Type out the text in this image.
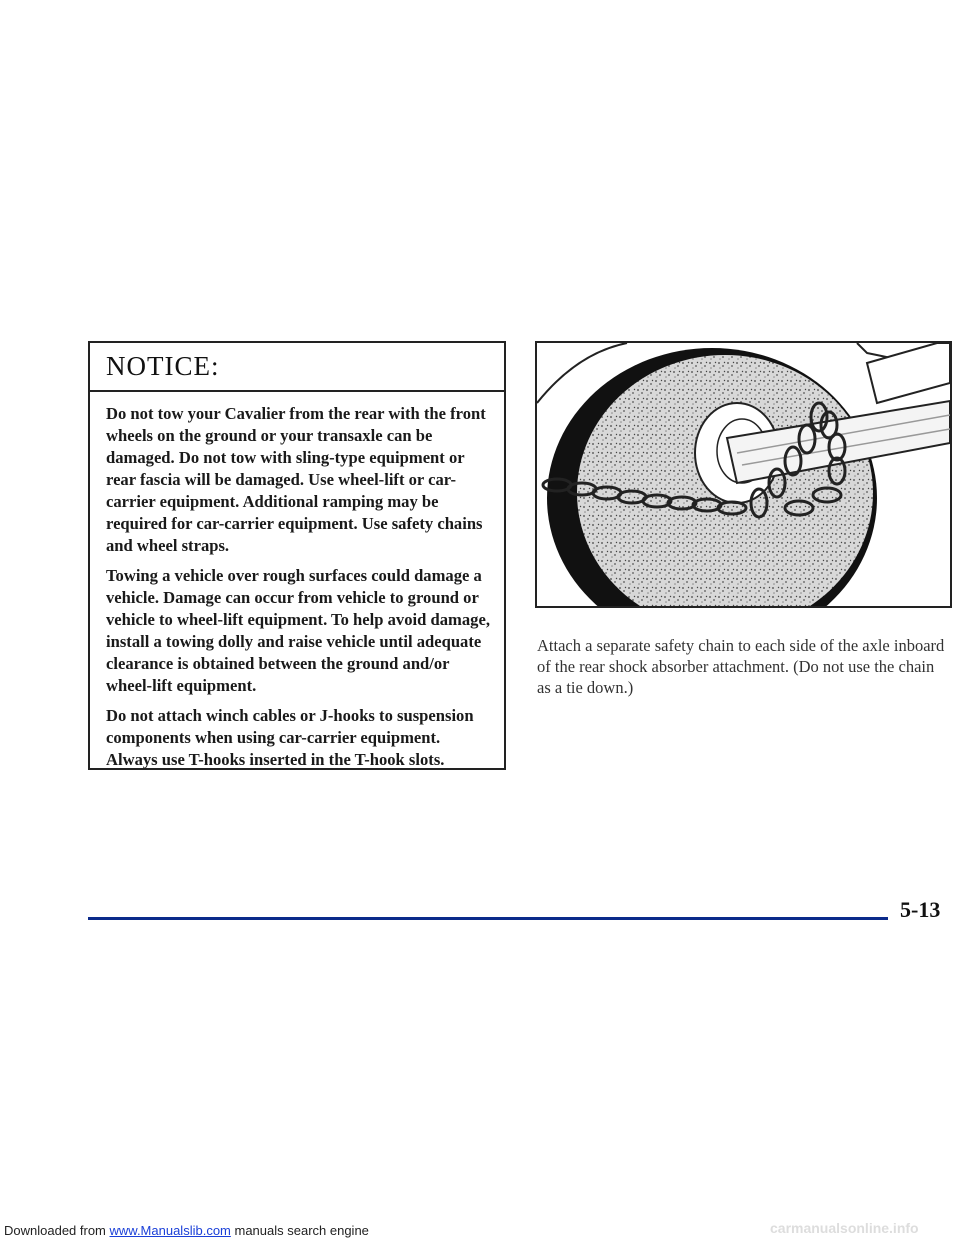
Downloaded from www.Manualslib.com manuals search engine
NOTICE:

Do not tow your Cavalier from the rear with the front wheels on the ground or your transaxle can be damaged. Do not tow with sling-type equipment or rear fascia will be damaged. Use wheel-lift or car-carrier equipment. Additional ramping may be required for car-carrier equipment. Use safety chains and wheel straps.

Towing a vehicle over rough surfaces could damage a vehicle. Damage can occur from vehicle to ground or vehicle to wheel-lift equipment. To help avoid damage, install a towing dolly and raise vehicle until adequate clearance is obtained between the ground and/or wheel-lift equipment.

Do not attach winch cables or J-hooks to suspension components when using car-carrier equipment. Always use T-hooks inserted in the T-hook slots.

Attach a separate safety chain to each side of the axle inboard of the rear shock absorber attachment. (Do not use the chain as a tie down.)

5-13
carmanualsonline.info
